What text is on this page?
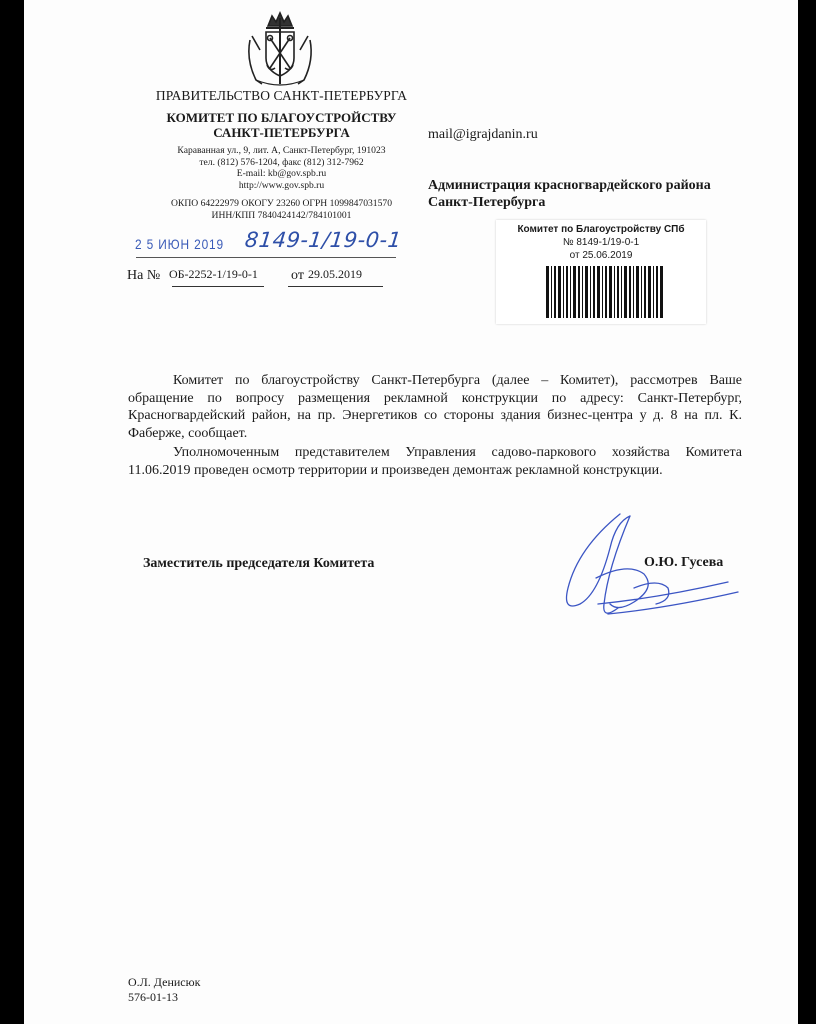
ПРАВИТЕЛЬСТВО САНКТ-ПЕТЕРБУРГА
КОМИТЕТ ПО БЛАГОУСТРОЙСТВУ
САНКТ-ПЕТЕРБУРГА
Караванная ул., 9, лит. А, Санкт-Петербург, 191023
тел. (812) 576-1204, факс (812) 312-7962
E-mail: kb@gov.spb.ru
http://www.gov.spb.ru
ОКПО 64222979 ОКОГУ 23260 ОГРН 1099847031570
ИНН/КПП 7840424142/784101001
2 5 ИЮН 2019 8149-1/19-0-1
На № ОБ-2252-1/19-0-1 от 29.05.2019
mail@igrajdanin.ru
Администрация красногвардейского района
Санкт-Петербурга
Комитет по Благоустройству СПб
№ 8149-1/19-0-1
от 25.06.2019
Комитет по благоустройству Санкт-Петербурга (далее – Комитет), рассмотрев Ваше обращение по вопросу размещения рекламной конструкции по адресу: Санкт-Петербург, Красногвардейский район, на пр. Энергетиков со стороны здания бизнес-центра у д. 8 на пл. К. Фаберже, сообщает.
Уполномоченным представителем Управления садово-паркового хозяйства Комитета 11.06.2019 проведен осмотр территории и произведен демонтаж рекламной конструкции.
Заместитель председателя Комитета	О.Ю. Гусева
О.Л. Денисюк
576-01-13
